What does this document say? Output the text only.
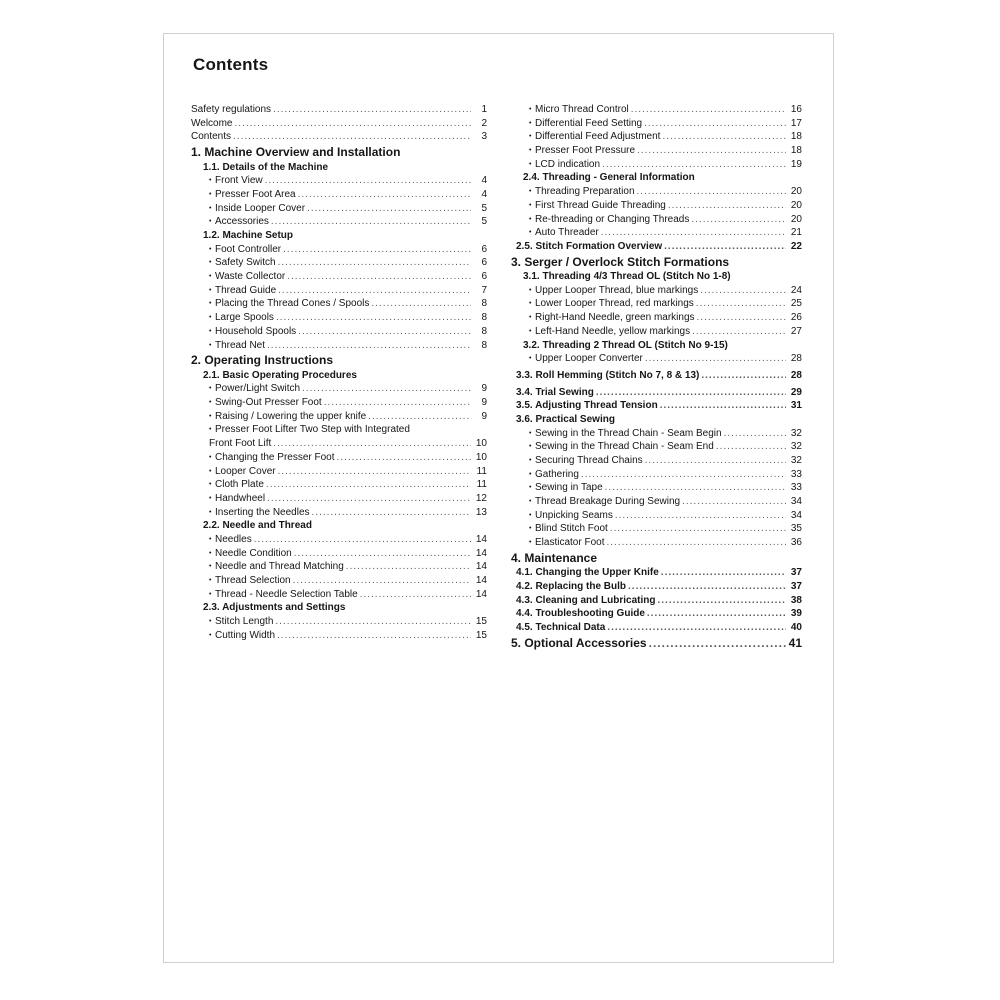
Contents
Safety regulations .....	1
Welcome .....	2
Contents .....	3
1. Machine Overview and Installation
1.1. Details of the Machine
• Front View .....	4
• Presser Foot Area .....	4
• Inside Looper Cover .....	5
• Accessories .....	5
1.2. Machine Setup
• Foot Controller .....	6
• Safety Switch .....	6
• Waste Collector .....	6
• Thread Guide .....	7
• Placing the Thread Cones / Spools .....	8
• Large Spools .....	8
• Household Spools .....	8
• Thread Net .....	8
2. Operating Instructions
2.1. Basic Operating Procedures
• Power/Light Switch .....	9
• Swing-Out Presser Foot .....	9
• Raising / Lowering the upper knife .....	9
• Presser Foot Lifter Two Step with Integrated
Front Foot Lift .....	10
• Changing the Presser Foot .....	10
• Looper Cover .....	11
• Cloth Plate .....	11
• Handwheel .....	12
• Inserting the Needles .....	13
2.2. Needle and Thread
• Needles .....	14
• Needle Condition .....	14
• Needle and Thread Matching .....	14
• Thread Selection .....	14
• Thread - Needle Selection Table .....	14
2.3. Adjustments and Settings
• Stitch Length .....	15
• Cutting Width .....	15
• Micro Thread Control .....	16
• Differential Feed Setting .....	17
• Differential Feed Adjustment .....	18
• Presser Foot Pressure .....	18
• LCD indication .....	19
2.4. Threading - General Information
• Threading Preparation .....	20
• First Thread Guide Threading .....	20
• Re-threading or Changing Threads .....	20
• Auto Threader .....	21
2.5. Stitch Formation Overview .....	22
3. Serger / Overlock Stitch Formations
3.1. Threading 4/3 Thread OL (Stitch No 1-8)
• Upper Looper Thread, blue markings .....	24
• Lower Looper Thread, red markings .....	25
• Right-Hand Needle, green markings .....	26
• Left-Hand Needle, yellow markings .....	27
3.2. Threading 2 Thread OL (Stitch No 9-15)
• Upper Looper Converter .....	28
3.3. Roll Hemming (Stitch No 7, 8 & 13) .....	28
3.4. Trial Sewing .....	29
3.5. Adjusting Thread Tension .....	31
3.6. Practical Sewing
• Sewing in the Thread Chain - Seam Begin .....	32
• Sewing in the Thread Chain - Seam End .....	32
• Securing Thread Chains .....	32
• Gathering .....	33
• Sewing in Tape .....	33
• Thread Breakage During Sewing .....	34
• Unpicking Seams .....	34
• Blind Stitch Foot .....	35
• Elasticator Foot .....	36
4. Maintenance
4.1. Changing the Upper Knife .....	37
4.2. Replacing the Bulb .....	37
4.3. Cleaning and Lubricating .....	38
4.4. Troubleshooting Guide .....	39
4.5. Technical Data .....	40
5. Optional Accessories .....	41
